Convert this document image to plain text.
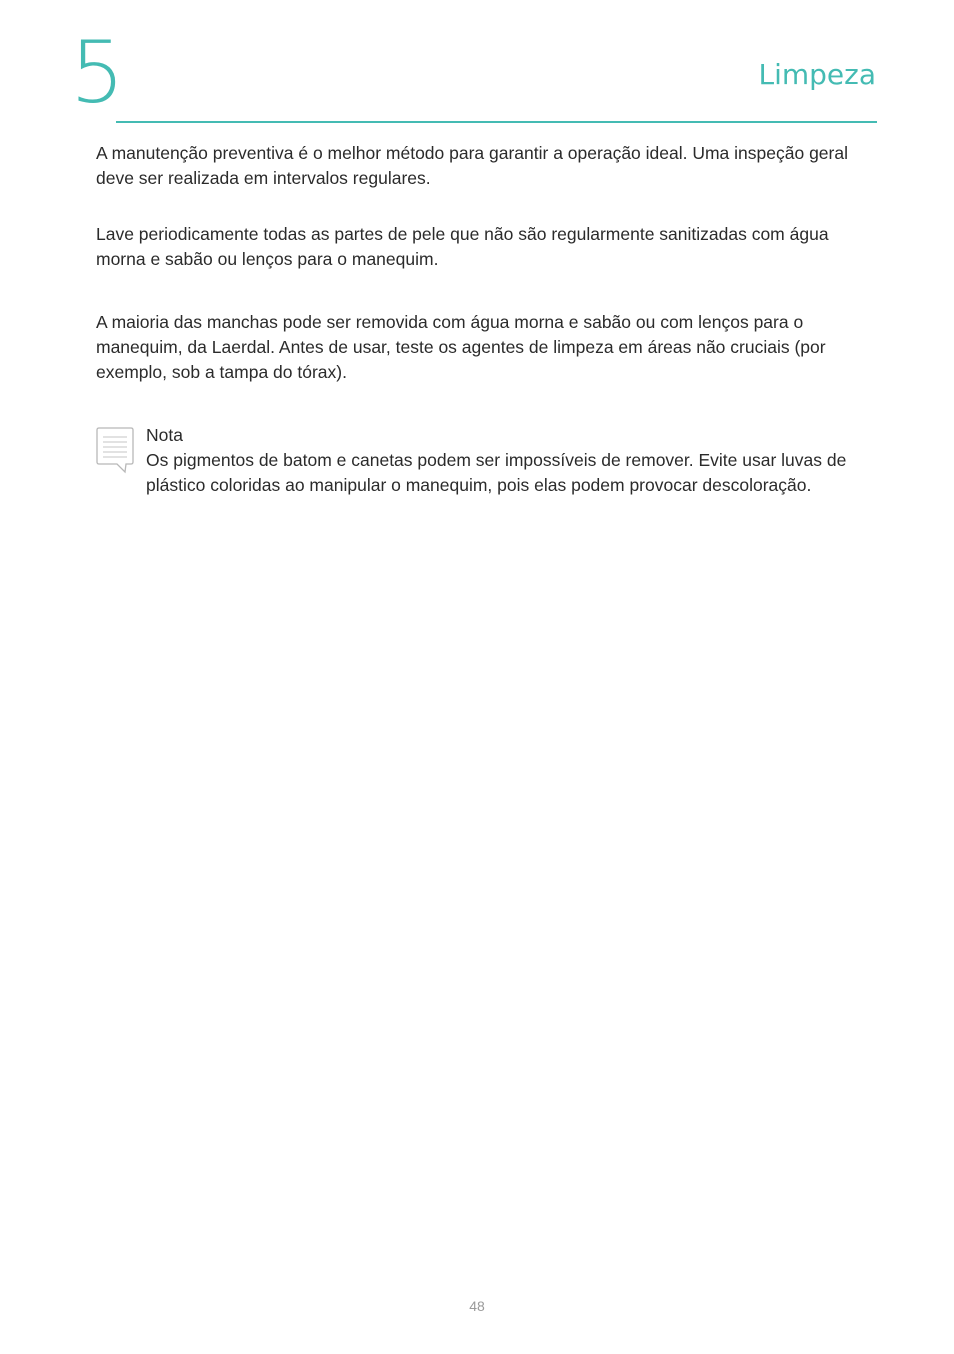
5	Limpeza

A manutenção preventiva é o melhor método para garantir a operação ideal. Uma inspeção geral deve ser realizada em intervalos regulares.

Lave periodicamente todas as partes de pele que não são regularmente sanitizadas com água morna e sabão ou lenços para o manequim.

A maioria das manchas pode ser removida com água morna e sabão ou com lenços para o manequim, da Laerdal. Antes de usar, teste os agentes de limpeza em áreas não cruciais (por exemplo, sob a tampa do tórax).

Nota
Os pigmentos de batom e canetas podem ser impossíveis de remover. Evite usar luvas de plástico coloridas ao manipular o manequim, pois elas podem provocar descoloração.
48
